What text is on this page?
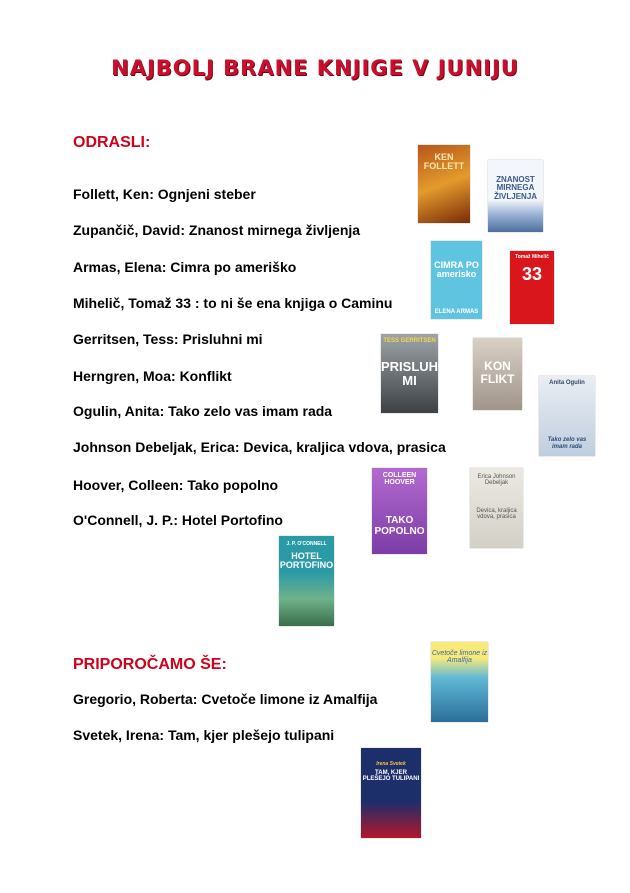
NAJBOLJ BRANE KNJIGE V JUNIJU
ODRASLI:
Follett, Ken: Ognjeni steber
Zupančič, David: Znanost mirnega življenja
Armas, Elena: Cimra po ameriško
Mihelič, Tomaž 33 : to ni še ena knjiga o Caminu
Gerritsen, Tess: Prisluhni mi
Herngren, Moa: Konflikt
Ogulin, Anita: Tako zelo vas imam rada
Johnson Debeljak, Erica: Devica, kraljica vdova, prasica
Hoover, Colleen: Tako popolno
O'Connell, J. P.: Hotel Portofino
PRIPOROČAMO ŠE:
Gregorio, Roberta: Cvetoče limone iz Amalfija
Svetek, Irena: Tam, kjer plešejo tulipani
KEN FOLLETT
ZNANOST MIRNEGA ŽIVLJENJA
CIMRA PO amerisko
ELENA ARMAS
Tomaž Mihelič
33
TESS GERRITSEN
PRISLUHNI MI
KON FLIKT	Anita Ogulin
Tako zelo vas imam rada
COLLEEN HOOVER
TAKO POPOLNO
Erica Johnson Debeljak
Devica, kraljica vdova, prasica
J. P. O'CONNELL
HOTEL PORTOFINO
Cvetoče limone iz Amalfija
Irena Svetek
TAM, KJER PLEŠEJO TULIPANI
